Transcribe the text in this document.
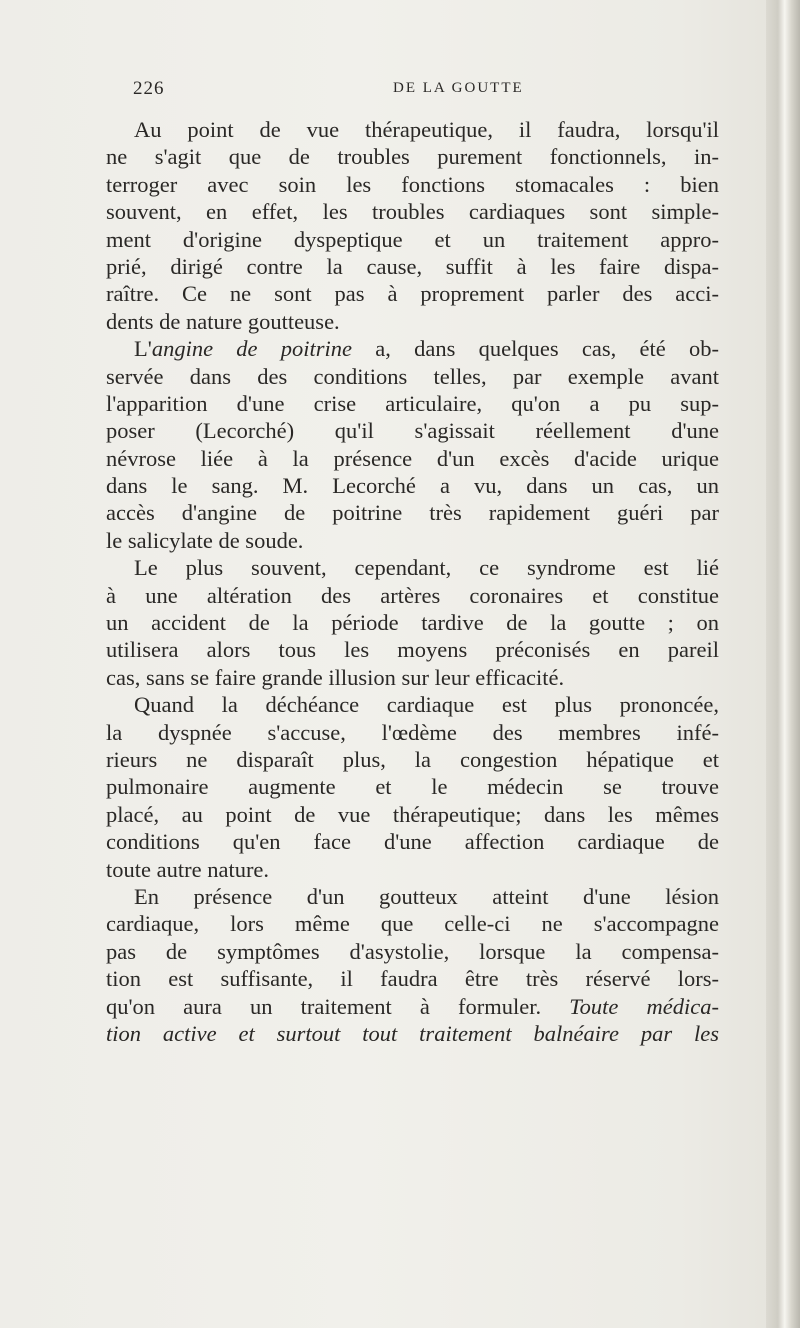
226	DE LA GOUTTE
Au point de vue thérapeutique, il faudra, lorsqu'il
ne s'agit que de troubles purement fonctionnels, in-
terroger avec soin les fonctions stomacales : bien
souvent, en effet, les troubles cardiaques sont simple-
ment d'origine dyspeptique et un traitement appro-
prié, dirigé contre la cause, suffit à les faire dispa-
raître. Ce ne sont pas à proprement parler des acci-
dents de nature goutteuse.
L'angine de poitrine a, dans quelques cas, été ob-
servée dans des conditions telles, par exemple avant
l'apparition d'une crise articulaire, qu'on a pu sup-
poser (Lecorché) qu'il s'agissait réellement d'une
névrose liée à la présence d'un excès d'acide urique
dans le sang. M. Lecorché a vu, dans un cas, un
accès d'angine de poitrine très rapidement guéri par
le salicylate de soude.
Le plus souvent, cependant, ce syndrome est lié
à une altération des artères coronaires et constitue
un accident de la période tardive de la goutte ; on
utilisera alors tous les moyens préconisés en pareil
cas, sans se faire grande illusion sur leur efficacité.
Quand la déchéance cardiaque est plus prononcée,
la dyspnée s'accuse, l'œdème des membres infé-
rieurs ne disparaît plus, la congestion hépatique et
pulmonaire augmente et le médecin se trouve
placé, au point de vue thérapeutique; dans les mêmes
conditions qu'en face d'une affection cardiaque de
toute autre nature.
En présence d'un goutteux atteint d'une lésion
cardiaque, lors même que celle-ci ne s'accompagne
pas de symptômes d'asystolie, lorsque la compensa-
tion est suffisante, il faudra être très réservé lors-
qu'on aura un traitement à formuler. Toute médica-
tion active et surtout tout traitement balnéaire par les
